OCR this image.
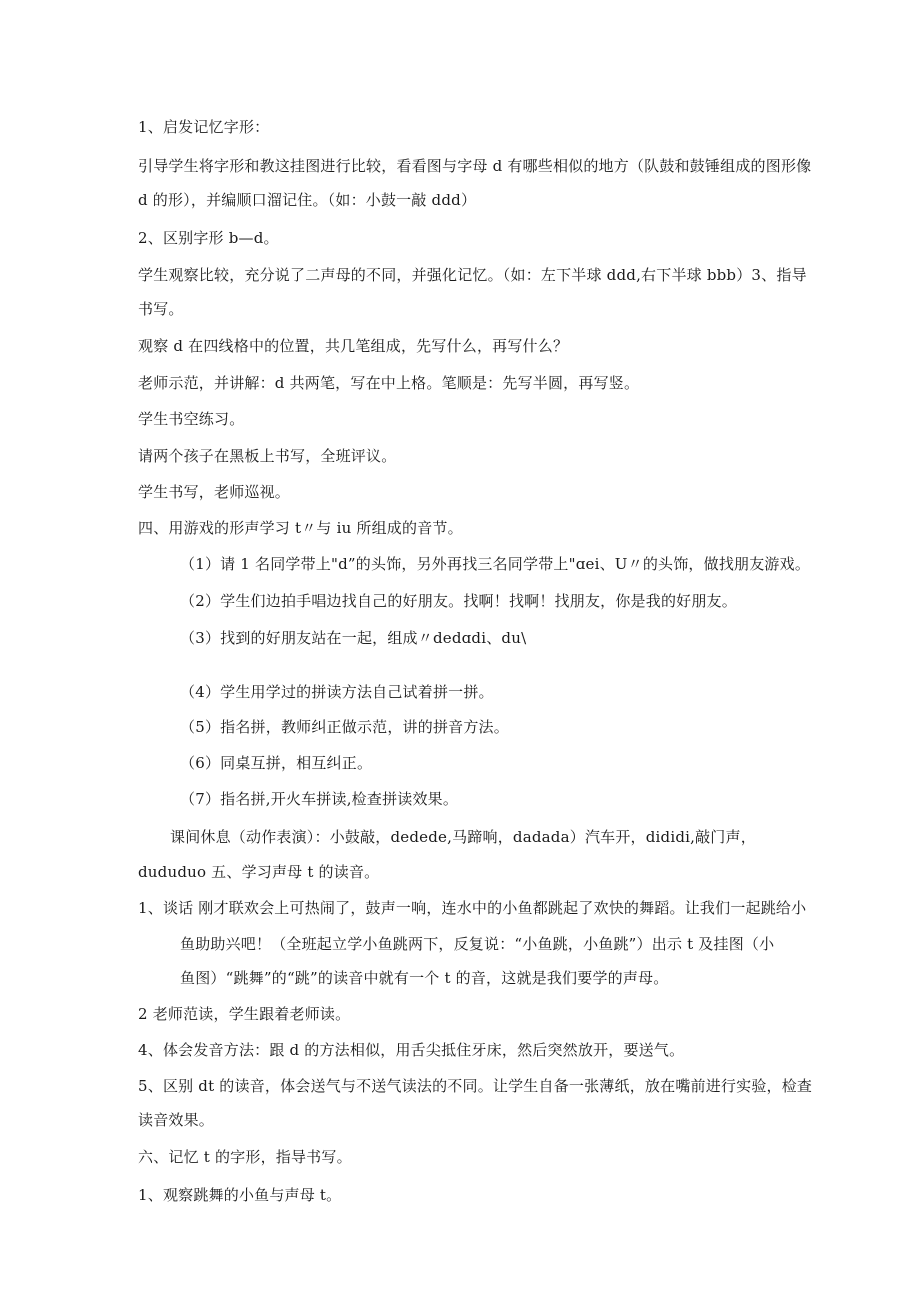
1、启发记忆字形：
引导学生将字形和教这挂图进行比较，看看图与字母 d 有哪些相似的地方（队鼓和鼓锤组成的图形像
d 的形），并编顺口溜记住。（如：小鼓一敲 ddd）
2、区别字形 b—d。
学生观察比较，充分说了二声母的不同，并强化记忆。（如：左下半球 ddd,右下半球 bbb）3、指导
书写。
观察 d 在四线格中的位置，共几笔组成，先写什么，再写什么？
老师示范，并讲解：d 共两笔，写在中上格。笔顺是：先写半圆，再写竖。
学生书空练习。
请两个孩子在黑板上书写，全班评议。
学生书写，老师巡视。
四、用游戏的形声学习 t〃与 iu 所组成的音节。
（1）请 1 名同学带上"d”的头饰，另外再找三名同学带上"ɑei、U〃的头饰，做找朋友游戏。
（2）学生们边拍手唱边找自己的好朋友。找啊！找啊！找朋友，你是我的好朋友。
（3）找到的好朋友站在一起，组成〃dedɑdi、du\
（4）学生用学过的拼读方法自己试着拼一拼。
（5）指名拼，教师纠正做示范，讲的拼音方法。
（6）同桌互拼，相互纠正。
（7）指名拼,开火车拼读,检查拼读效果。
课间休息（动作表演）：小鼓敲，dedede,马蹄响，dadada）汽车开，dididi,敲门声，
dududuo 五、学习声母 t 的读音。
1、谈话 刚才联欢会上可热闹了，鼓声一响，连水中的小鱼都跳起了欢快的舞蹈。让我们一起跳给小
鱼助助兴吧！（全班起立学小鱼跳两下，反复说：“小鱼跳，小鱼跳”）出示 t 及挂图（小
鱼图）“跳舞”的“跳”的读音中就有一个 t 的音，这就是我们要学的声母。
2 老师范读，学生跟着老师读。
4、体会发音方法：跟 d 的方法相似，用舌尖抵住牙床，然后突然放开，要送气。
5、区别 dt 的读音，体会送气与不送气读法的不同。让学生自备一张薄纸，放在嘴前进行实验，检查
读音效果。
六、记忆 t 的字形，指导书写。
1、观察跳舞的小鱼与声母 t。
